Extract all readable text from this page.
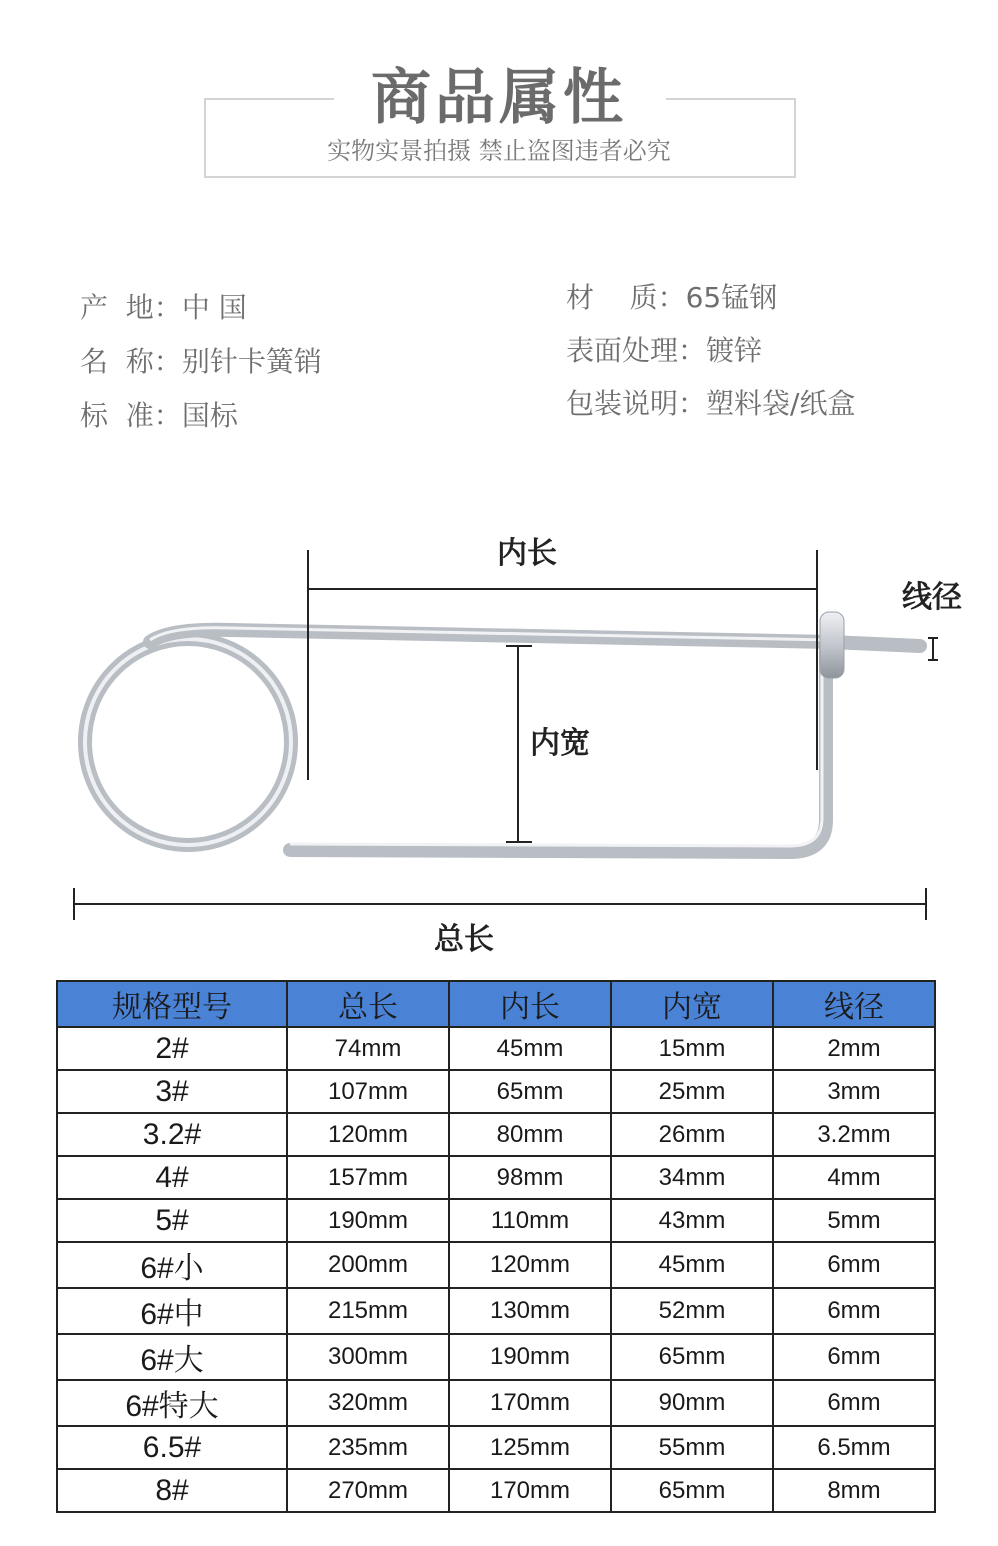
商品属性
实物实景拍摄 禁止盗图违者必究
产  地：中 国
名  称：别针卡簧销
标  准：国标
材    质：65锰钢
表面处理：镀锌
包装说明：塑料袋/纸盒
内长
内宽
线径
总长
规格型号	总长	内长	内宽	线径
2#	74mm	45mm	15mm	2mm
3#	107mm	65mm	25mm	3mm
3.2#	120mm	80mm	26mm	3.2mm
4#	157mm	98mm	34mm	4mm
5#	190mm	110mm	43mm	5mm
6#小	200mm	120mm	45mm	6mm
6#中	215mm	130mm	52mm	6mm
6#大	300mm	190mm	65mm	6mm
6#特大	320mm	170mm	90mm	6mm
6.5#	235mm	125mm	55mm	6.5mm
8#	270mm	170mm	65mm	8mm
